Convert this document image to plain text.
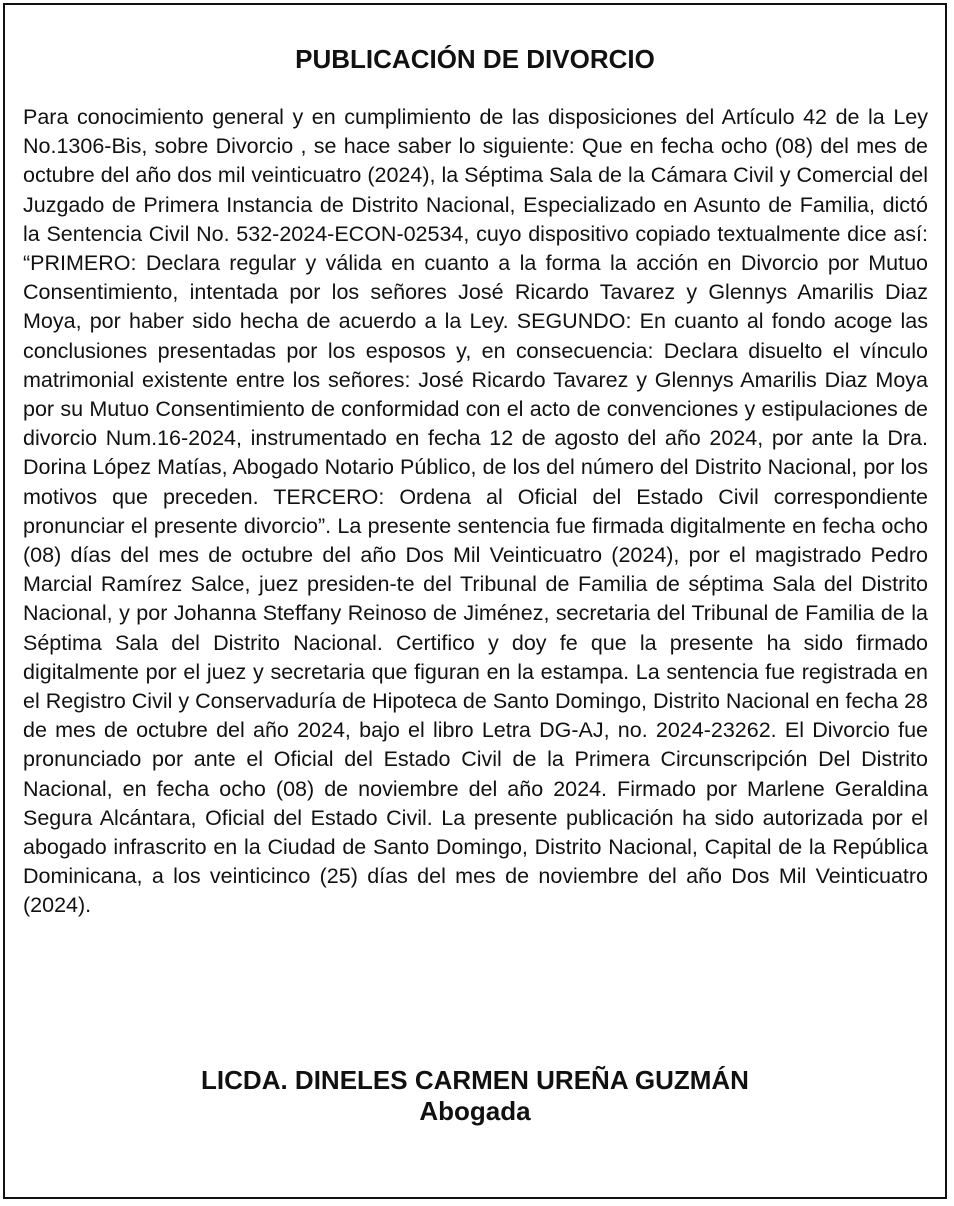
PUBLICACIÓN DE DIVORCIO

Para conocimiento general y en cumplimiento de las disposiciones del Artículo 42 de la Ley No.1306-Bis, sobre Divorcio , se hace saber lo siguiente: Que en fecha ocho (08) del mes de octubre del año dos mil veinticuatro (2024), la Séptima Sala de la Cámara Civil y Comercial del Juzgado de Primera Instancia de Distrito Nacional, Especializado en Asunto de Familia, dictó la Sentencia Civil No. 532-2024-ECON-02534, cuyo dispositivo copiado textualmente dice así: “PRIMERO: Declara regular y válida en cuanto a la forma la acción en Divorcio por Mutuo Consentimiento, intentada por los señores José Ricardo Tavarez y Glennys Amarilis Diaz Moya, por haber sido hecha de acuerdo a la Ley. SEGUNDO: En cuanto al fondo acoge las conclusiones presentadas por los esposos y, en consecuencia: Declara disuelto el vínculo matrimonial existente entre los señores: José Ricardo Tavarez y Glennys Amarilis Diaz Moya por su Mutuo Consentimiento de conformidad con el acto de convenciones y estipulaciones de divorcio Num.16-2024, instrumentado en fecha 12 de agosto del año 2024, por ante la Dra. Dorina López Matías, Abogado Notario Público, de los del número del Distrito Nacional, por los motivos que preceden. TERCERO: Ordena al Oficial del Estado Civil correspondiente pronunciar el presente divorcio”. La presente sentencia fue firmada digitalmente en fecha ocho (08) días del mes de octubre del año Dos Mil Veinticuatro (2024), por el magistrado Pedro Marcial Ramírez Salce, juez presiden-te del Tribunal de Familia de séptima Sala del Distrito Nacional, y por Johanna Steffany Reinoso de Jiménez, secretaria del Tribunal de Familia de la Séptima Sala del Distrito Nacional. Certifico y doy fe que la presente ha sido firmado digitalmente por el juez y secretaria que figuran en la estampa. La sentencia fue registrada en el Registro Civil y Conservaduría de Hipoteca de Santo Domingo, Distrito Nacional en fecha 28 de mes de octubre del año 2024, bajo el libro Letra DG-AJ, no. 2024-23262. El Divorcio fue pronunciado por ante el Oficial del Estado Civil de la Primera Circunscripción Del Distrito Nacional, en fecha ocho (08) de noviembre del año 2024. Firmado por Marlene Geraldina Segura Alcántara, Oficial del Estado Civil. La presente publicación ha sido autorizada por el abogado infrascrito en la Ciudad de Santo Domingo, Distrito Nacional, Capital de la República Dominicana, a los veinticinco (25) días del mes de noviembre del año Dos Mil Veinticuatro (2024).

LICDA. DINELES CARMEN UREÑA GUZMÁN
Abogada
